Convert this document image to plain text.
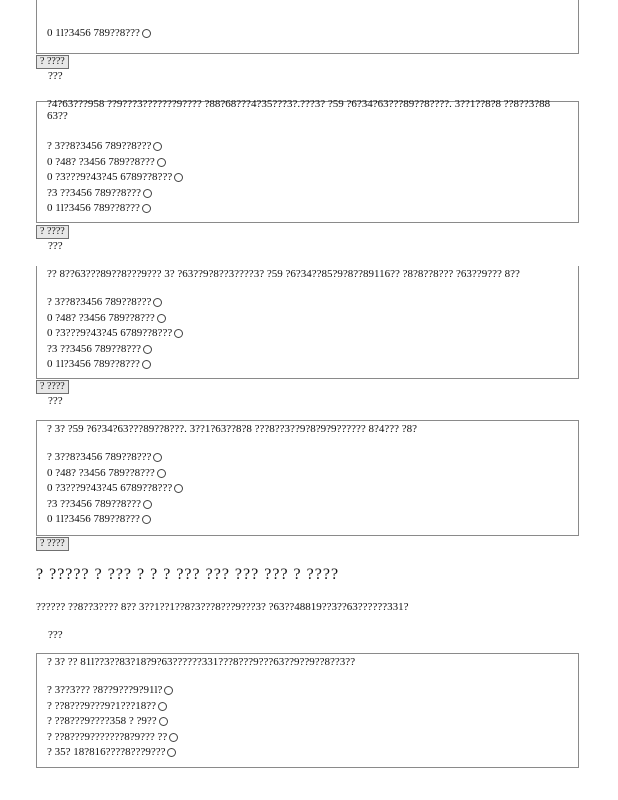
0 1l?3456 789??8???
? ????
???
?4?63???958 ??9???3???????9???? ?88?68???4?35???3?.???3? ?59 ?6?34?63???89??8????. 3??1??8?8 ??8??3?88 63??
? 3??8?3456 789??8???
0 ?48? ?3456 789??8???
0 ?3???9?43?45 6789??8???
?3 ??3456 789??8???
0 1l?3456 789??8???
? ????
???
?? 8??63???89??8???9??? 3? ?63??9?8??3????3? ?59 ?6?34??85?9?8??89116?? ?8?8??8??? ?63??9??? 8??
? 3??8?3456 789??8???
0 ?48? ?3456 789??8???
0 ?3???9?43?45 6789??8???
?3 ??3456 789??8???
0 1l?3456 789??8???
? ????
???
? 3? ?59 ?6?34?63???89??8???. 3??1?63??8?8 ???8??3??9?8?9?9?????? 8?4??? ?8?
? 3??8?3456 789??8???
0 ?48? ?3456 789??8???
0 ?3???9?43?45 6789??8???
?3 ??3456 789??8???
0 1l?3456 789??8???
? ????
? ????? ? ??? ? ? ? ??? ??? ??? ??? ? ????
?????? ??8??3???? 8?? 3??1??1??8?3???8???9???3? ?63??48819??3??63??????331?
???
? 3? ?? 81l??3??83?18?9?63??????331???8???9???63??9??9??8??3??
? 3??3??? ?8??9???9?91l?
? ??8???9???9?1???18??
? ??8???9????358 ? ?9??
? ??8???9???????8?9??? ??
? 35? 18?816????8???9???
